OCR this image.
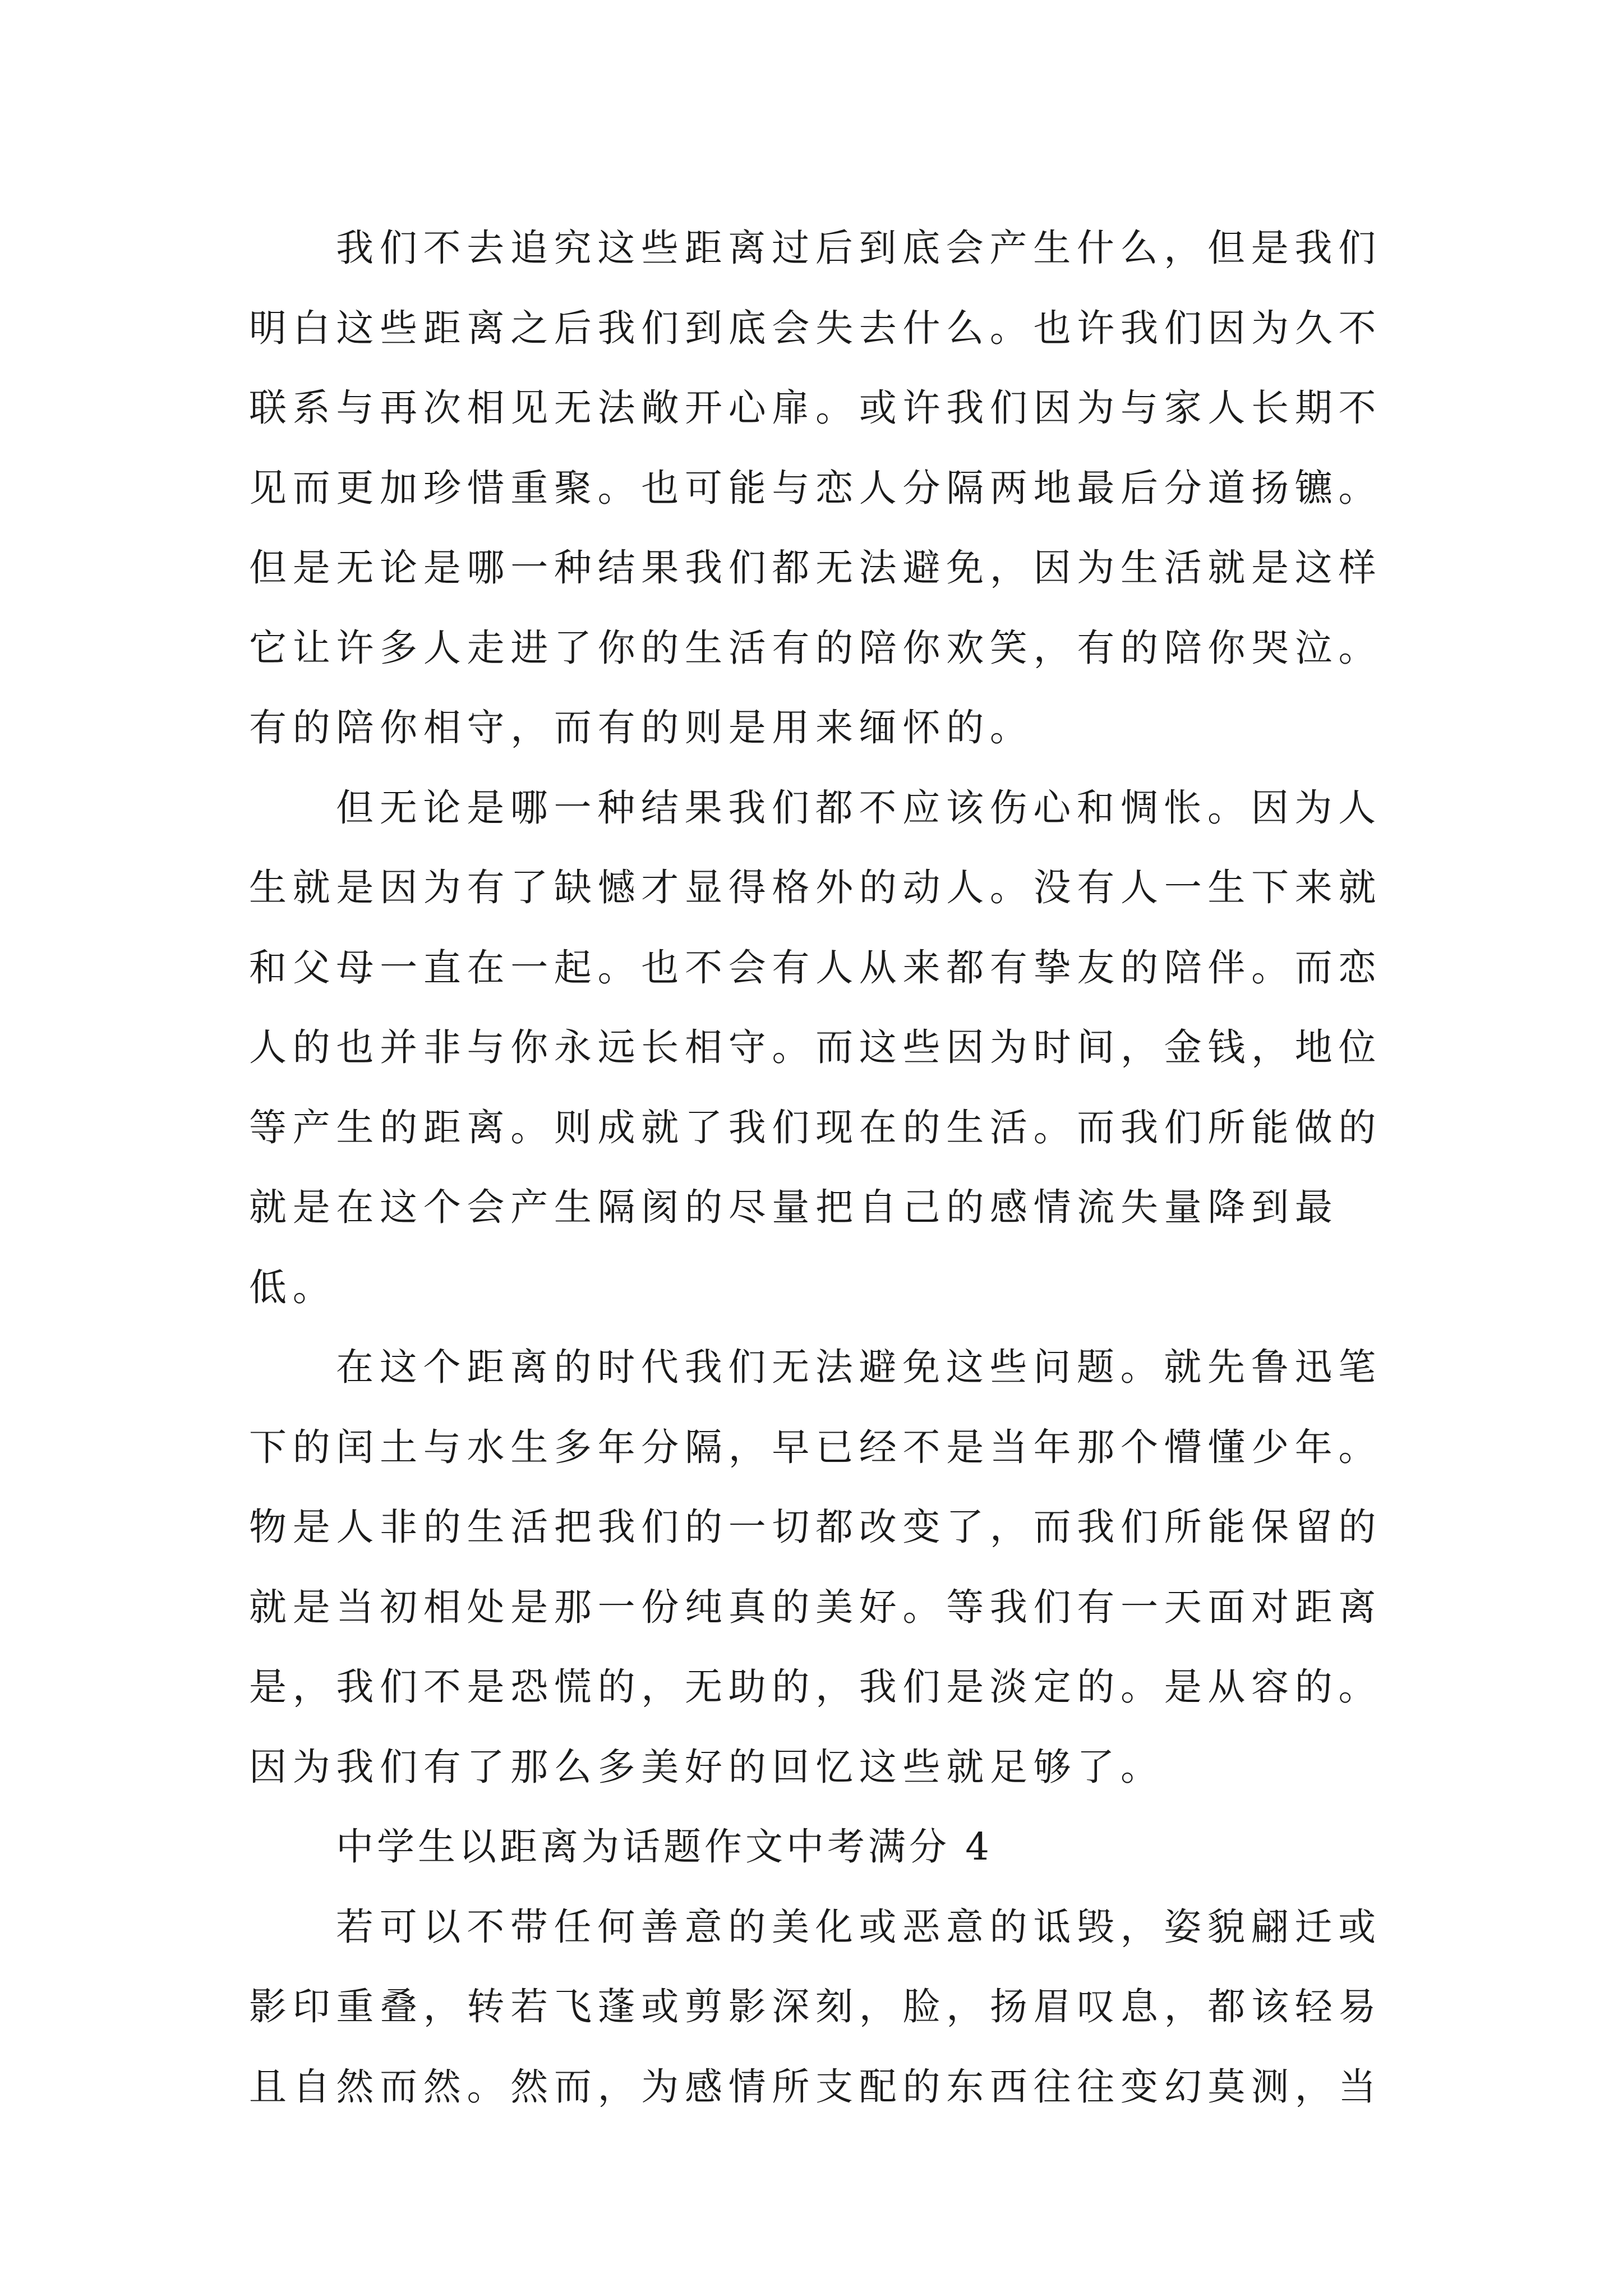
我们不去追究这些距离过后到底会产生什么，但是我们
明白这些距离之后我们到底会失去什么。也许我们因为久不
联系与再次相见无法敞开心扉。或许我们因为与家人长期不
见而更加珍惜重聚。也可能与恋人分隔两地最后分道扬镳。
但是无论是哪一种结果我们都无法避免，因为生活就是这样
它让许多人走进了你的生活有的陪你欢笑，有的陪你哭泣。
有的陪你相守，而有的则是用来缅怀的。
但无论是哪一种结果我们都不应该伤心和惆怅。因为人
生就是因为有了缺憾才显得格外的动人。没有人一生下来就
和父母一直在一起。也不会有人从来都有挚友的陪伴。而恋
人的也并非与你永远长相守。而这些因为时间，金钱，地位
等产生的距离。则成就了我们现在的生活。而我们所能做的
就是在这个会产生隔阂的尽量把自己的感情流失量降到最
低。
在这个距离的时代我们无法避免这些问题。就先鲁迅笔
下的闰土与水生多年分隔，早已经不是当年那个懵懂少年。
物是人非的生活把我们的一切都改变了，而我们所能保留的
就是当初相处是那一份纯真的美好。等我们有一天面对距离
是，我们不是恐慌的，无助的，我们是淡定的。是从容的。
因为我们有了那么多美好的回忆这些就足够了。
中学生以距离为话题作文中考满分 4
若可以不带任何善意的美化或恶意的诋毁，姿貌翩迁或
影印重叠，转若飞蓬或剪影深刻，脸，扬眉叹息，都该轻易
且自然而然。然而，为感情所支配的东西往往变幻莫测，当
